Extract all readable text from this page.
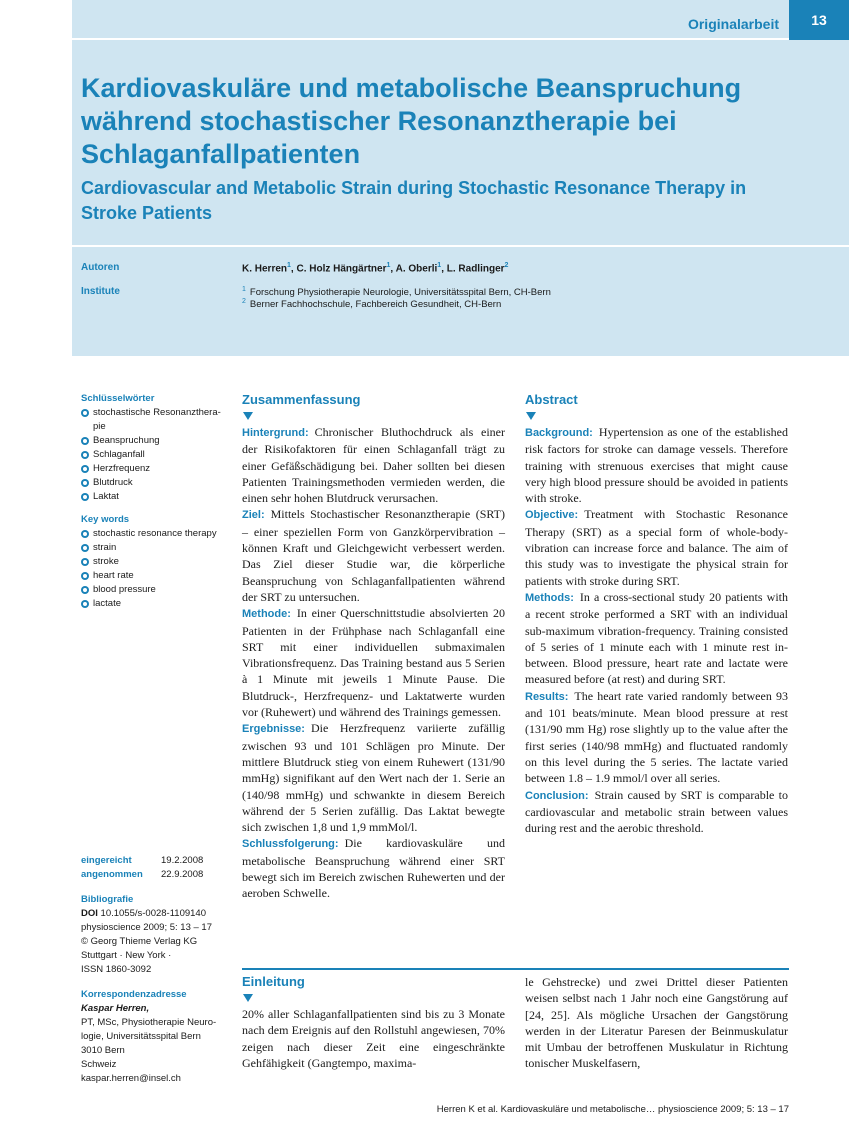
Originalarbeit	13
Kardiovaskuläre und metabolische Beanspruchung während stochastischer Resonanztherapie bei Schlaganfallpatienten
Cardiovascular and Metabolic Strain during Stochastic Resonance Therapy in Stroke Patients
Autoren	K. Herren$^1$, C. Holz Hängärtner$^1$, A. Oberli$^1$, L. Radlinger$^2$
Institute	$^1$ Forschung Physiotherapie Neurologie, Universitätsspital Bern, CH-Bern
$^2$ Berner Fachhochschule, Fachbereich Gesundheit, CH-Bern
Schlüsselwörter
stochastische Resonanzthera-pie
Beanspruchung
Schlaganfall
Herzfrequenz
Blutdruck
Laktat
Key words
stochastic resonance therapy
strain
stroke
heart rate
blood pressure
lactate
eingereicht	19.2.2008
angenommen	22.9.2008
Bibliografie
DOI 10.1055/s-0028-1109140
physioscience 2009; 5: 13 – 17
© Georg Thieme Verlag KG
Stuttgart · New York ·
ISSN 1860-3092
Korrespondenzadresse
Kaspar Herren,
PT, MSc, Physiotherapie Neuro-
logie, Universitätsspital Bern
3010 Bern
Schweiz
kaspar.herren@insel.ch
Zusammenfassung
Hintergrund: Chronischer Bluthochdruck als einer der Risikofaktoren für einen Schlaganfall trägt zu einer Gefäßschädigung bei. Daher sollten bei diesen Patienten Trainingsmethoden vermieden werden, die einen sehr hohen Blutdruck verursachen.
Ziel: Mittels Stochastischer Resonanztherapie (SRT) – einer speziellen Form von Ganzkörpervibration – können Kraft und Gleichgewicht verbessert werden. Das Ziel dieser Studie war, die körperliche Beanspruchung von Schlaganfallpatienten während der SRT zu untersuchen.
Methode: In einer Querschnittstudie absolvierten 20 Patienten in der Frühphase nach Schlaganfall eine SRT mit einer individuellen submaximalen Vibrationsfrequenz. Das Training bestand aus 5 Serien à 1 Minute mit jeweils 1 Minute Pause. Die Blutdruck-, Herzfrequenz- und Laktatwerte wurden vor (Ruhewert) und während des Trainings gemessen.
Ergebnisse: Die Herzfrequenz variierte zufällig zwischen 93 und 101 Schlägen pro Minute. Der mittlere Blutdruck stieg von einem Ruhewert (131/90 mmHg) signifikant auf den Wert nach der 1. Serie an (140/98 mmHg) und schwankte in diesem Bereich während der 5 Serien zufällig. Das Laktat bewegte sich zwischen 1,8 und 1,9 mmMol/l.
Schlussfolgerung: Die kardiovaskuläre und metabolische Beanspruchung während einer SRT bewegt sich im Bereich zwischen Ruhewerten und der aeroben Schwelle.
Abstract
Background: Hypertension as one of the established risk factors for stroke can damage vessels. Therefore training with strenuous exercises that might cause very high blood pressure should be avoided in patients with stroke.
Objective: Treatment with Stochastic Resonance Therapy (SRT) as a special form of whole-body-vibration can increase force and balance. The aim of this study was to investigate the physical strain for patients with stroke during SRT.
Methods: In a cross-sectional study 20 patients with a recent stroke performed a SRT with an individual sub-maximum vibration-frequency. Training consisted of 5 series of 1 minute each with 1 minute rest in-between. Blood pressure, heart rate and lactate were measured before (at rest) and during SRT.
Results: The heart rate varied randomly between 93 and 101 beats/minute. Mean blood pressure at rest (131/90 mm Hg) rose slightly up to the value after the first series (140/98 mmHg) and fluctuated randomly on this level during the 5 series. The lactate varied between 1.8 – 1.9 mmol/l over all series.
Conclusion: Strain caused by SRT is comparable to cardiovascular and metabolic strain between values during rest and the aerobic threshold.
Einleitung
20% aller Schlaganfallpatienten sind bis zu 3 Monate nach dem Ereignis auf den Rollstuhl angewiesen, 70% zeigen nach dieser Zeit eine eingeschränkte Gehfähigkeit (Gangtempo, maxima-
le Gehstrecke) und zwei Drittel dieser Patienten weisen selbst nach 1 Jahr noch eine Gangstörung auf [24, 25]. Als mögliche Ursachen der Gangstörung werden in der Literatur Paresen der Beinmuskulatur mit Umbau der betroffenen Muskulatur in Richtung tonischer Muskelfasern,
Herren K et al. Kardiovaskuläre und metabolische… physioscience 2009; 5: 13 – 17
